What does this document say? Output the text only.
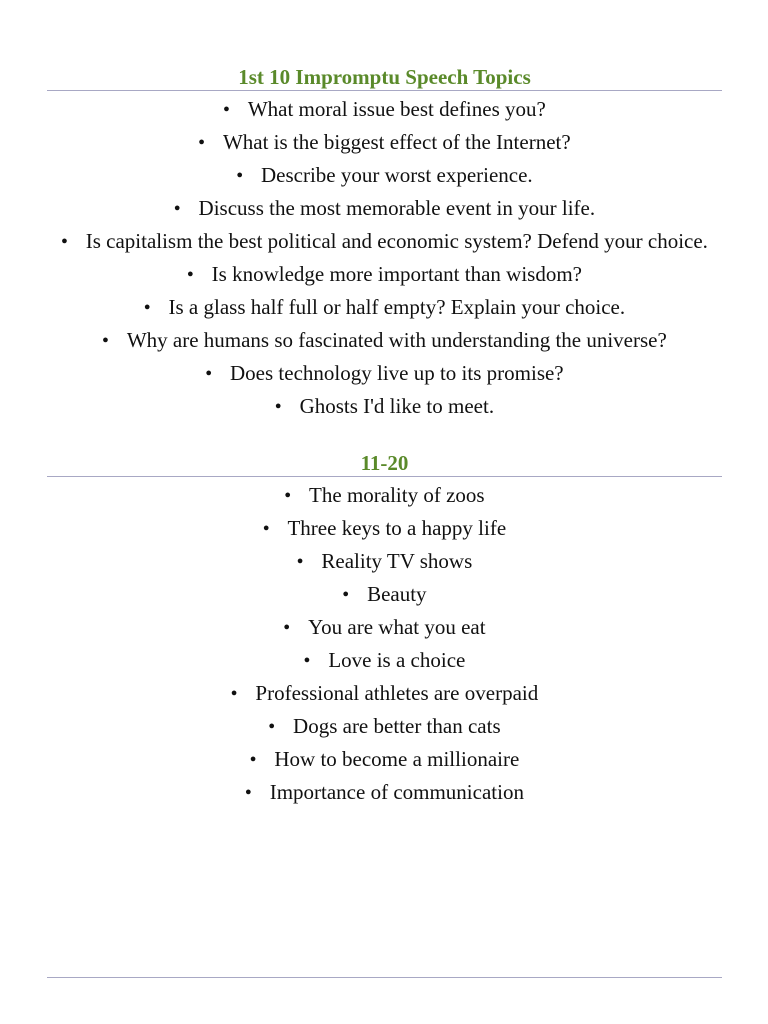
1st 10 Impromptu Speech Topics
● What moral issue best defines you?
● What is the biggest effect of the Internet?
● Describe your worst experience.
● Discuss the most memorable event in your life.
● Is capitalism the best political and economic system? Defend your choice.
● Is knowledge more important than wisdom?
● Is a glass half full or half empty? Explain your choice.
● Why are humans so fascinated with understanding the universe?
● Does technology live up to its promise?
● Ghosts I'd like to meet.
11-20
● The morality of zoos
● Three keys to a happy life
● Reality TV shows
● Beauty
● You are what you eat
● Love is a choice
● Professional athletes are overpaid
● Dogs are better than cats
● How to become a millionaire
● Importance of communication
